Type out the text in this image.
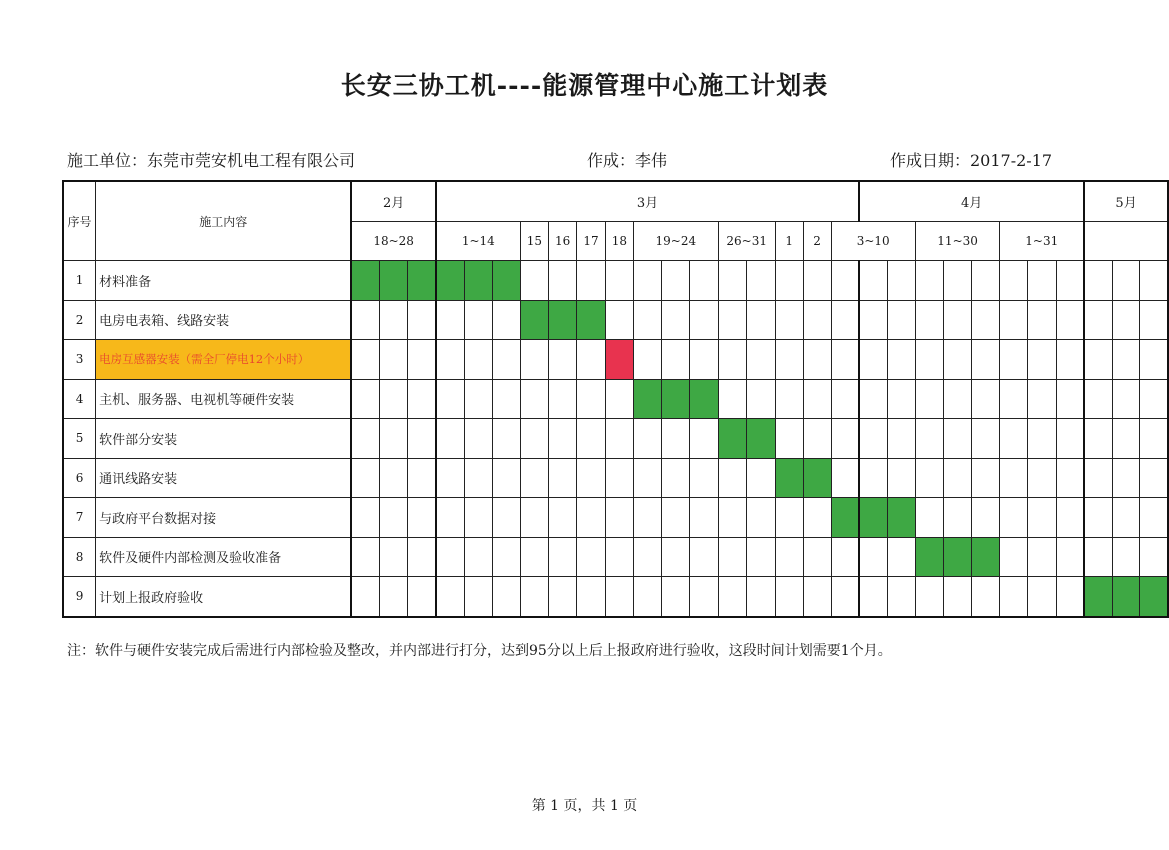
长安三协工机----能源管理中心施工计划表
施工单位：东莞市莞安机电工程有限公司	作成：李伟	作成日期：2017-2-17
序号	施工内容	2月			3月															4月								5月		
		18~28			1~14			15	16	17	18	19~24			26~31		1	2	3~10			11~30			1~31					
1	材料准备																													
2	电房电表箱、线路安装																													
3	电房互感器安装（需全厂停电12个小时）																													
4	主机、服务器、电视机等硬件安装																													
5	软件部分安装																													
6	通讯线路安装																													
7	与政府平台数据对接																													
8	软件及硬件内部检测及验收准备																													
9	计划上报政府验收																													
注：软件与硬件安装完成后需进行内部检验及整改，并内部进行打分，达到95分以上后上报政府进行验收，这段时间计划需要1个月。
第 1 页，共 1 页
